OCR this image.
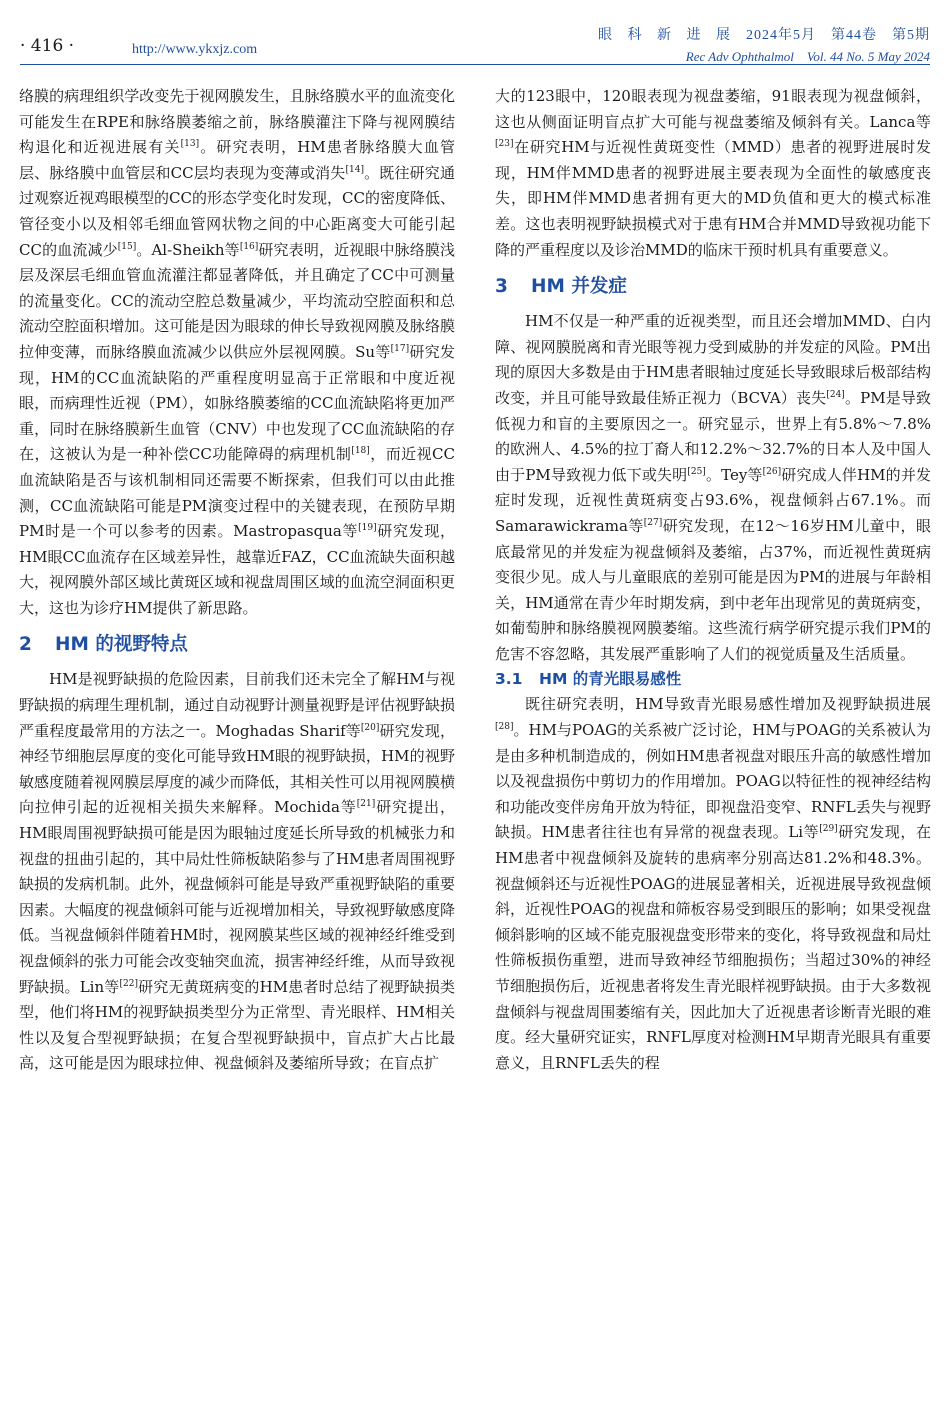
· 416 ·	http://www.ykxjz.com
眼 科 新 进 展　2024年5月　第44卷　第5期
Rec Adv Ophthalmol　Vol. 44 No. 5 May 2024

络膜的病理组织学改变先于视网膜发生，且脉络膜水平的血流变化可能发生在RPE和脉络膜萎缩之前，脉络膜灌注下降与视网膜结构退化和近视进展有关[13]。研究表明，HM患者脉络膜大血管层、脉络膜中血管层和CC层均表现为变薄或消失[14]。既往研究通过观察近视鸡眼模型的CC的形态学变化时发现，CC的密度降低、管径变小以及相邻毛细血管网状物之间的中心距离变大可能引起CC的血流减少[15]。Al-Sheikh等[16]研究表明，近视眼中脉络膜浅层及深层毛细血管血流灌注都显著降低，并且确定了CC中可测量的流量变化。CC的流动空腔总数量减少，平均流动空腔面积和总流动空腔面积增加。这可能是因为眼球的伸长导致视网膜及脉络膜拉伸变薄，而脉络膜血流减少以供应外层视网膜。Su等[17]研究发现，HM的CC血流缺陷的严重程度明显高于正常眼和中度近视眼，而病理性近视（PM），如脉络膜萎缩的CC血流缺陷将更加严重，同时在脉络膜新生血管（CNV）中也发现了CC血流缺陷的存在，这被认为是一种补偿CC功能障碍的病理机制[18]，而近视CC血流缺陷是否与该机制相同还需要不断探索，但我们可以由此推测，CC血流缺陷可能是PM演变过程中的关键表现，在预防早期PM时是一个可以参考的因素。Mastropasqua等[19]研究发现，HM眼CC血流存在区域差异性，越靠近FAZ，CC血流缺失面积越大，视网膜外部区域比黄斑区域和视盘周围区域的血流空洞面积更大，这也为诊疗HM提供了新思路。

2 HM 的视野特点

HM是视野缺损的危险因素，目前我们还未完全了解HM与视野缺损的病理生理机制，通过自动视野计测量视野是评估视野缺损严重程度最常用的方法之一。Moghadas Sharif等[20]研究发现，神经节细胞层厚度的变化可能导致HM眼的视野缺损，HM的视野敏感度随着视网膜层厚度的减少而降低，其相关性可以用视网膜横向拉伸引起的近视相关损失来解释。Mochida等[21]研究提出，HM眼周围视野缺损可能是因为眼轴过度延长所导致的机械张力和视盘的扭曲引起的，其中局灶性筛板缺陷参与了HM患者周围视野缺损的发病机制。此外，视盘倾斜可能是导致严重视野缺陷的重要因素。大幅度的视盘倾斜可能与近视增加相关，导致视野敏感度降低。当视盘倾斜伴随着HM时，视网膜某些区域的视神经纤维受到视盘倾斜的张力可能会改变轴突血流，损害神经纤维，从而导致视野缺损。Lin等[22]研究无黄斑病变的HM患者时总结了视野缺损类型，他们将HM的视野缺损类型分为正常型、青光眼样、HM相关性以及复合型视野缺损；在复合型视野缺损中，盲点扩大占比最高，这可能是因为眼球拉伸、视盘倾斜及萎缩所导致；在盲点扩

大的123眼中，120眼表现为视盘萎缩，91眼表现为视盘倾斜，这也从侧面证明盲点扩大可能与视盘萎缩及倾斜有关。Lanca等[23]在研究HM与近视性黄斑变性（MMD）患者的视野进展时发现，HM伴MMD患者的视野进展主要表现为全面性的敏感度丧失，即HM伴MMD患者拥有更大的MD负值和更大的模式标准差。这也表明视野缺损模式对于患有HM合并MMD导致视功能下降的严重程度以及诊治MMD的临床干预时机具有重要意义。

3 HM 并发症

HM不仅是一种严重的近视类型，而且还会增加MMD、白内障、视网膜脱离和青光眼等视力受到威胁的并发症的风险。PM出现的原因大多数是由于HM患者眼轴过度延长导致眼球后极部结构改变，并且可能导致最佳矫正视力（BCVA）丧失[24]。PM是导致低视力和盲的主要原因之一。研究显示，世界上有5.8%～7.8%的欧洲人、4.5%的拉丁裔人和12.2%～32.7%的日本人及中国人由于PM导致视力低下或失明[25]。Tey等[26]研究成人伴HM的并发症时发现，近视性黄斑病变占93.6%，视盘倾斜占67.1%。而Samarawickrama等[27]研究发现，在12～16岁HM儿童中，眼底最常见的并发症为视盘倾斜及萎缩，占37%，而近视性黄斑病变很少见。成人与儿童眼底的差别可能是因为PM的进展与年龄相关，HM通常在青少年时期发病，到中老年出现常见的黄斑病变，如葡萄肿和脉络膜视网膜萎缩。这些流行病学研究提示我们PM的危害不容忽略，其发展严重影响了人们的视觉质量及生活质量。

3.1 HM 的青光眼易感性

既往研究表明，HM导致青光眼易感性增加及视野缺损进展[28]。HM与POAG的关系被广泛讨论，HM与POAG的关系被认为是由多种机制造成的，例如HM患者视盘对眼压升高的敏感性增加以及视盘损伤中剪切力的作用增加。POAG以特征性的视神经结构和功能改变伴房角开放为特征，即视盘沿变窄、RNFL丢失与视野缺损。HM患者往往也有异常的视盘表现。Li等[29]研究发现，在HM患者中视盘倾斜及旋转的患病率分别高达81.2%和48.3%。视盘倾斜还与近视性POAG的进展显著相关，近视进展导致视盘倾斜，近视性POAG的视盘和筛板容易受到眼压的影响；如果受视盘倾斜影响的区域不能克服视盘变形带来的变化，将导致视盘和局灶性筛板损伤重塑，进而导致神经节细胞损伤；当超过30%的神经节细胞损伤后，近视患者将发生青光眼样视野缺损。由于大多数视盘倾斜与视盘周围萎缩有关，因此加大了近视患者诊断青光眼的难度。经大量研究证实，RNFL厚度对检测HM早期青光眼具有重要意义，且RNFL丢失的程
